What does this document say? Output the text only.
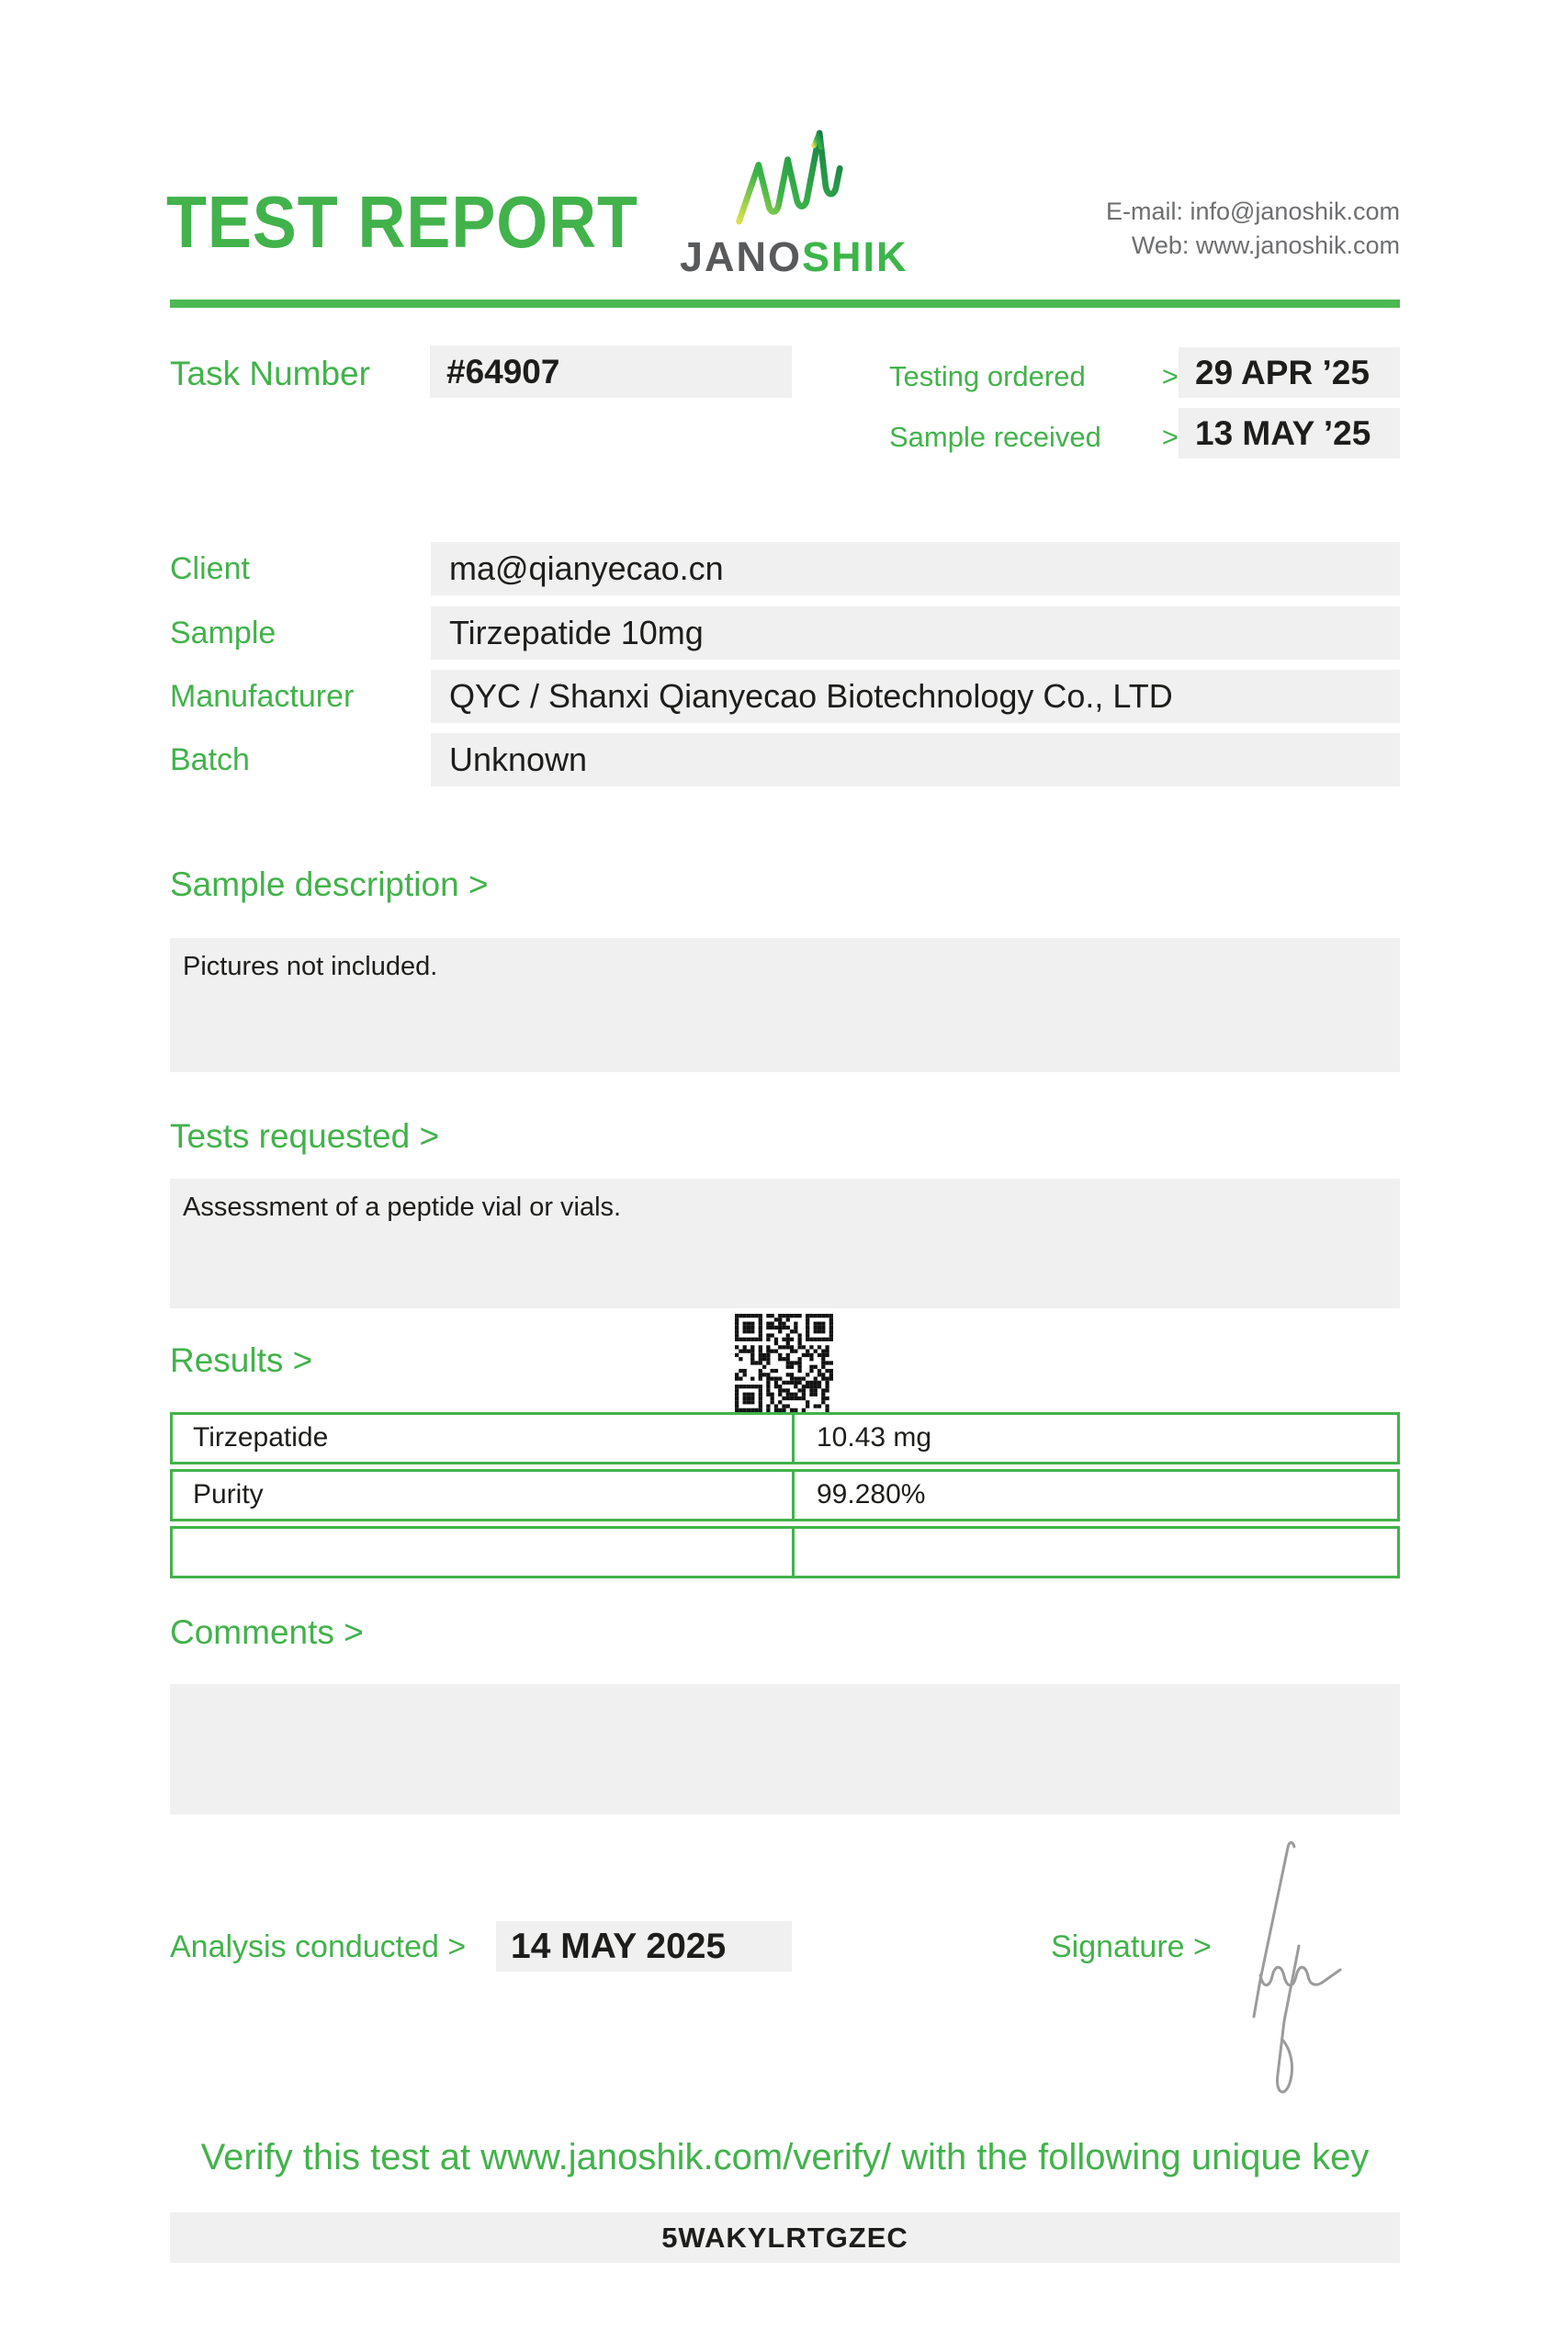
TEST REPORT JANOSHIK
E-mail: info@janoshik.com
Web: www.janoshik.com
Task Number	#64907	Testing ordered	> 29 APR ’25
Sample received > 13 MAY ’25
Client	ma@qianyecao.cn
Sample	Tirzepatide 10mg
Manufacturer	QYC / Shanxi Qianyecao Biotechnology Co., LTD
Batch	Unknown
Sample description >
Pictures not included.
Tests requested >
Assessment of a peptide vial or vials.
Results >
Tirzepatide	10.43 mg
Purity	99.280%
Comments >
Analysis conducted >	14 MAY 2025	Signature >
Verify this test at www.janoshik.com/verify/ with the following unique key
5WAKYLRTGZEC
